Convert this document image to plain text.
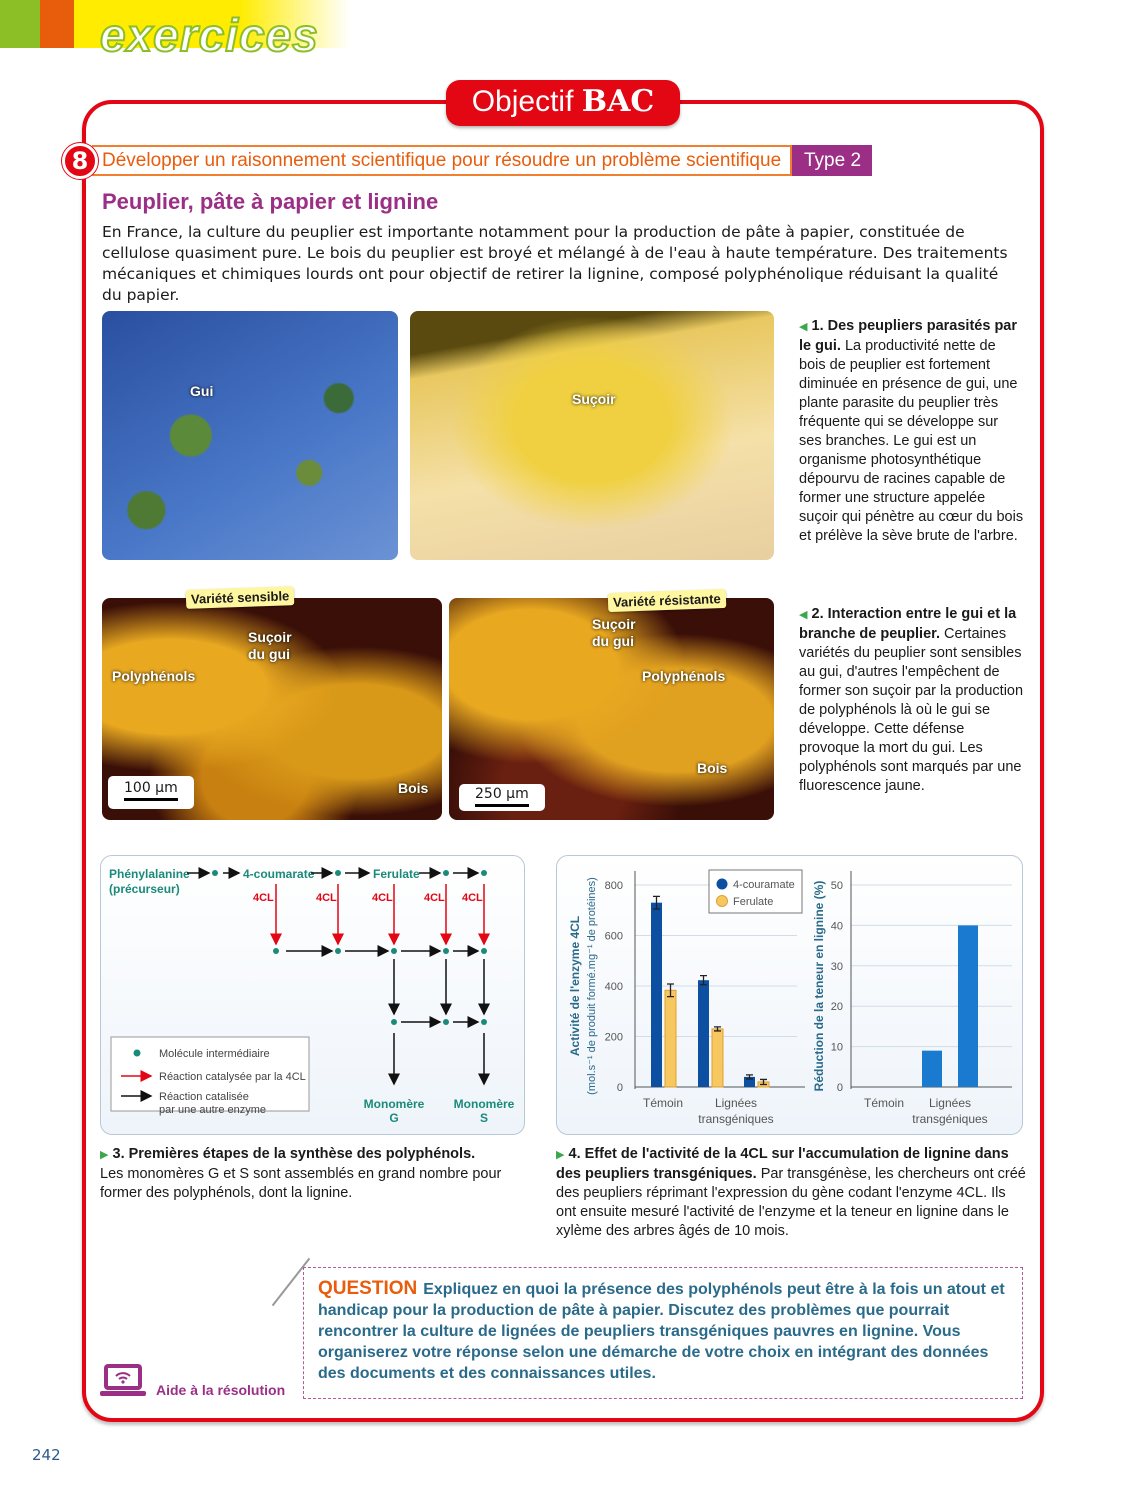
exercices
Objectif BAC
8 Développer un raisonnement scientifique pour résoudre un problème scientifique	Type 2
Peuplier, pâte à papier et lignine
En France, la culture du peuplier est importante notamment pour la production de pâte à papier, constituée de cellulose quasiment pure. Le bois du peuplier est broyé et mélangé à de l'eau à haute température. Des traitements mécaniques et chimiques lourds ont pour objectif de retirer la lignine, composé polyphénolique réduisant la qualité du papier.
Gui	Suçoir
◀ 1. Des peupliers parasités par le gui. La productivité nette de bois de peuplier est fortement diminuée en présence de gui, une plante parasite du peuplier très fréquente qui se développe sur ses branches. Le gui est un organisme photosynthétique dépourvu de racines capable de former une structure appelée suçoir qui pénètre au cœur du bois et prélève la sève brute de l'arbre.
Suçoir du gui
Polyphénols
Bois
100 µm
Variété sensible
Suçoir du gui
Polyphénols
Bois
250 µm
Variété résistante
◀ 2. Interaction entre le gui et la branche de peuplier. Certaines variétés du peuplier sont sensibles au gui, d'autres l'empêchent de former son suçoir par la production de polyphénols là où le gui se développe. Cette défense provoque la mort du gui. Les polyphénols sont marqués par une fluorescence jaune.
Phénylalanine
(précurseur)
4-coumarate	Ferulate
Monomère
G
Monomère
S
4CL	4CL	4CL	4CL 4CL
Molécule intermédiaire
Réaction catalysée par la 4CL
Réaction catalisée
par une autre enzyme
0
200
400
600
800
Témoin	Lignées
transgéniques
Activité de l'enzyme 4CL (mol.s⁻¹ de produit formé.mg⁻¹ de protéines)	4-couramate
Ferulate
0
10
20
30
40
50
Témoin Lignées
transgéniques
Réduction de la teneur en lignine (%)
▶ 3. Premières étapes de la synthèse des polyphénols.
Les monomères G et S sont assemblés en grand nombre pour former des polyphénols, dont la lignine.
▶ 4. Effet de l'activité de la 4CL sur l'accumulation de lignine dans des peupliers transgéniques. Par transgénèse, les chercheurs ont créé des peupliers réprimant l'expression du gène codant l'enzyme 4CL. Ils ont ensuite mesuré l'activité de l'enzyme et la teneur en lignine dans le xylème des arbres âgés de 10 mois.
QUESTION Expliquez en quoi la présence des polyphénols peut être à la fois un atout et handicap pour la production de pâte à papier. Discutez des problèmes que pourrait rencontrer la culture de lignées de peupliers transgéniques pauvres en lignine. Vous organiserez votre réponse selon une démarche de votre choix en intégrant des données des documents et des connaissances utiles.
Aide à la résolution
242
